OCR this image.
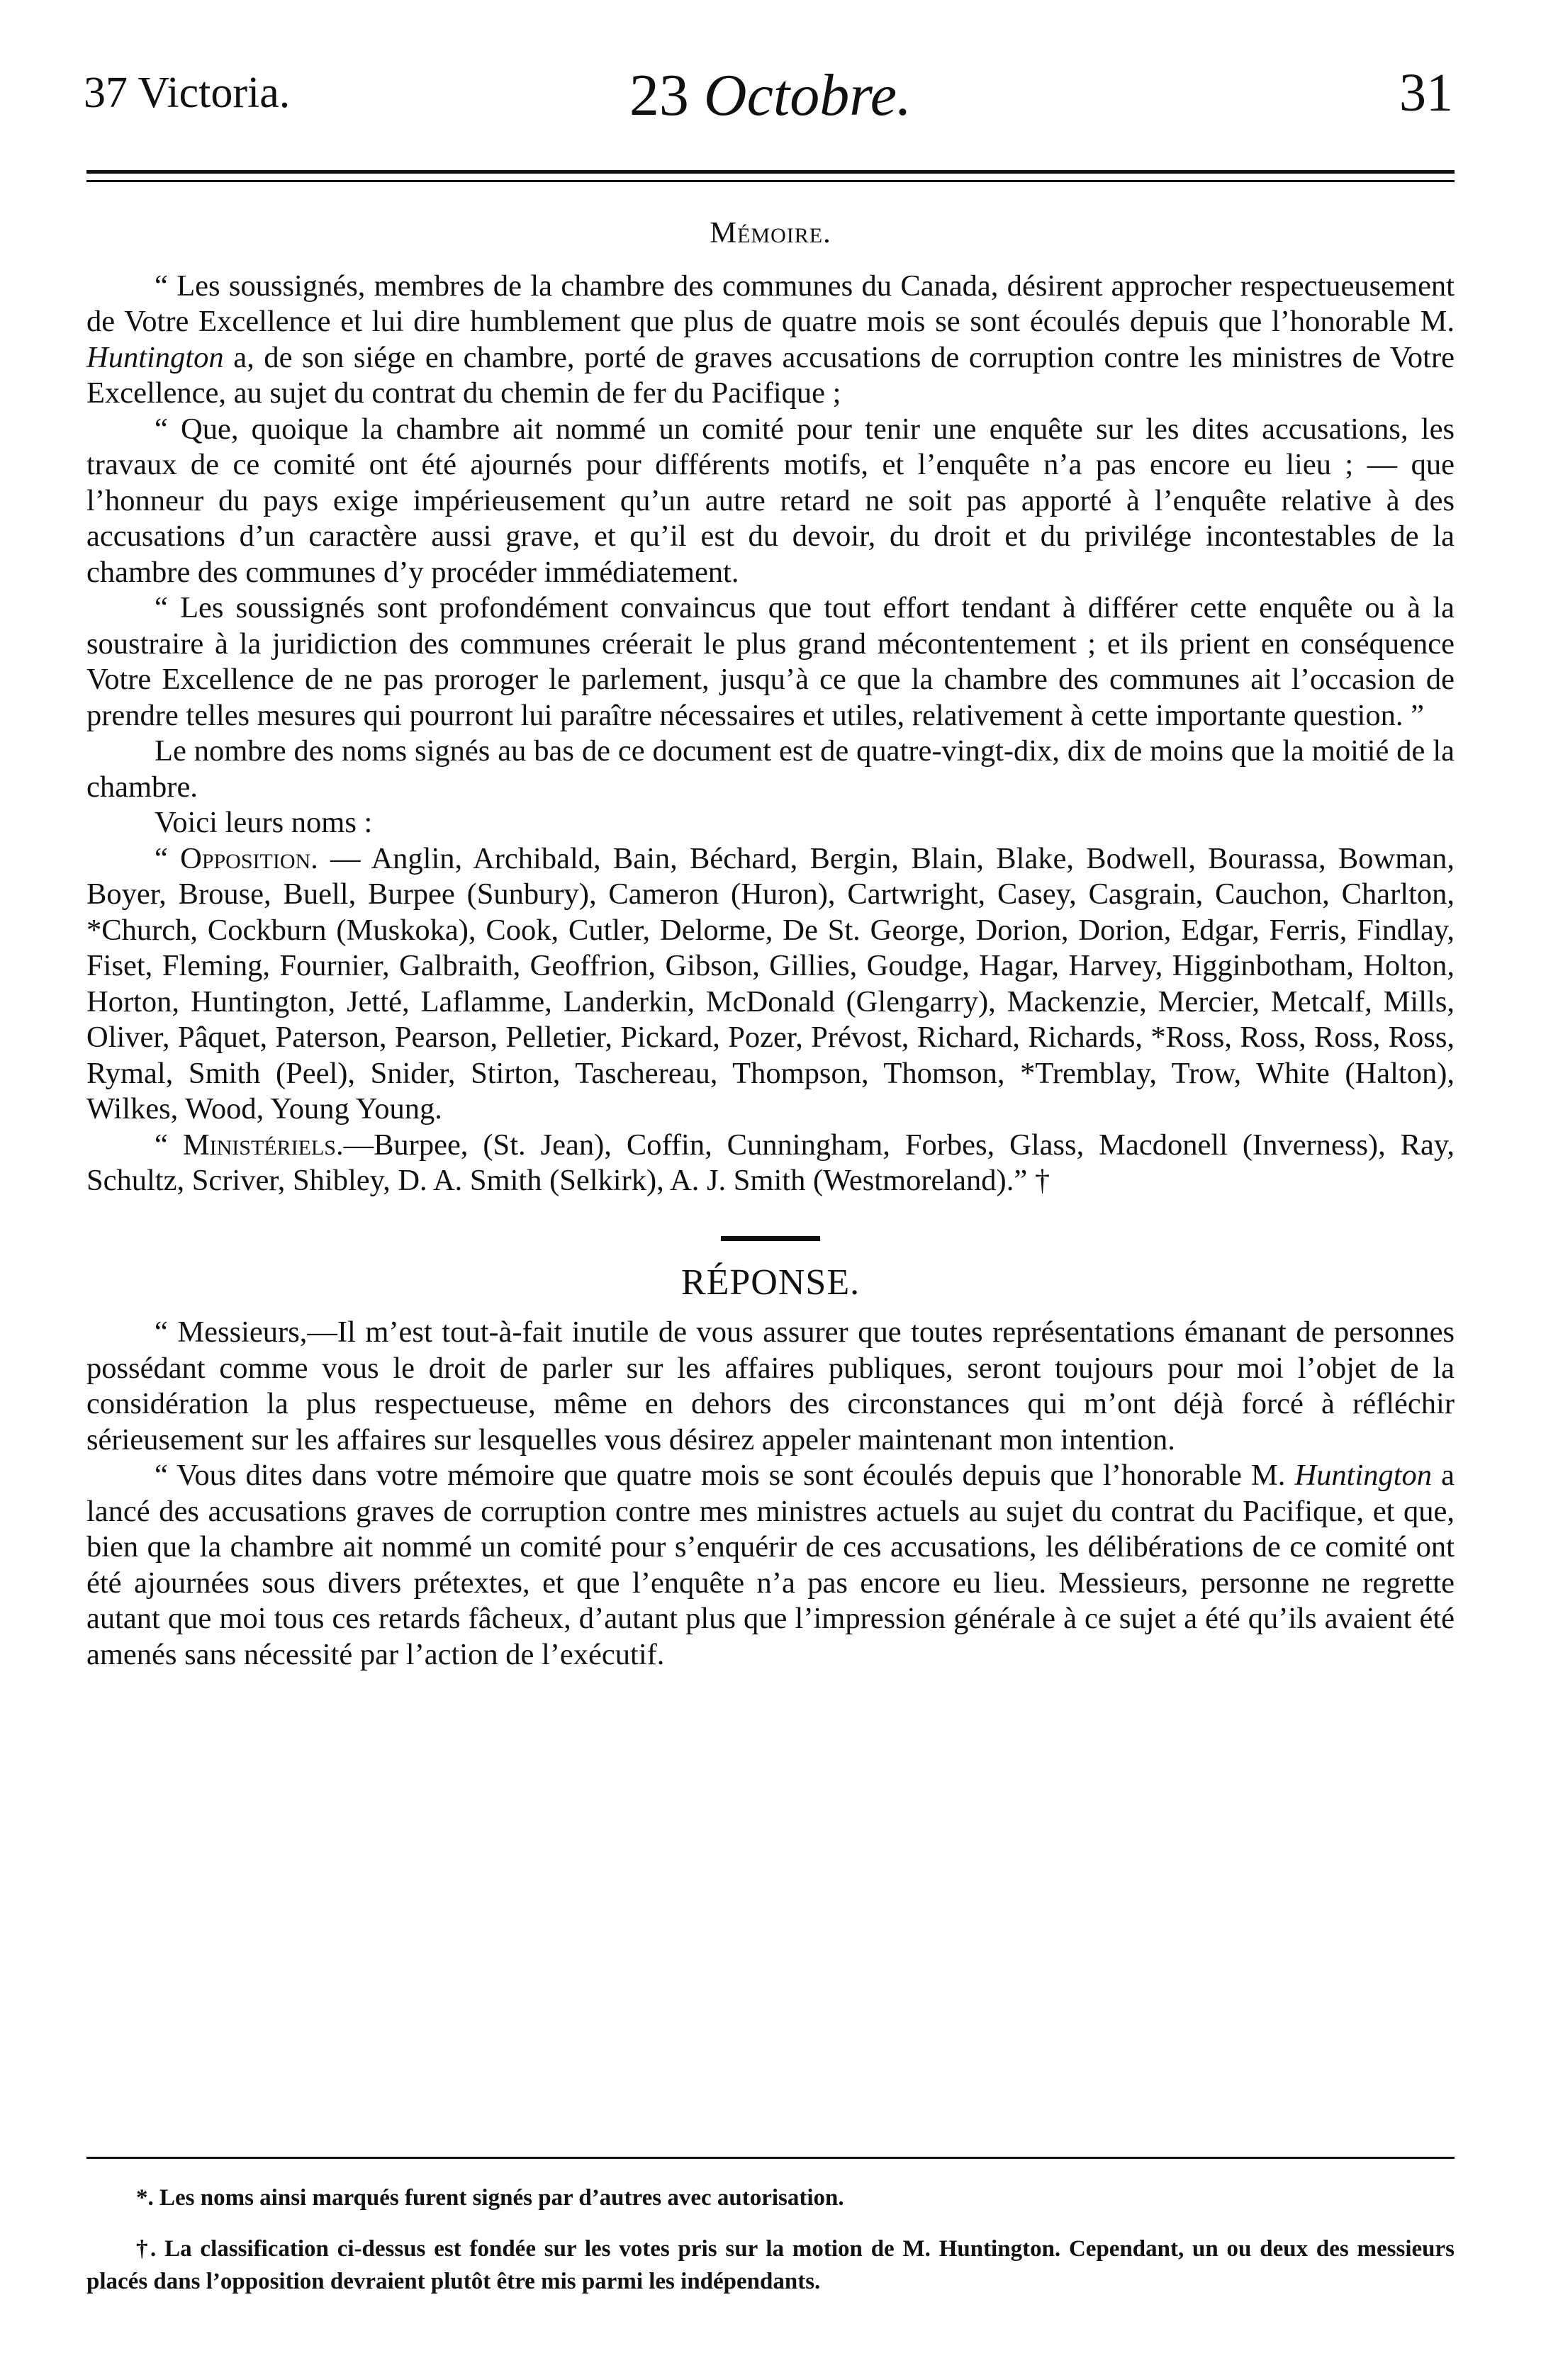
37 Victoria.	23 Octobre.	31

Mémoire.

“ Les soussignés, membres de la chambre des communes du Canada, désirent approcher respectueusement de Votre Excellence et lui dire humblement que plus de quatre mois se sont écoulés depuis que l’honorable M. Huntington a, de son siége en chambre, porté de graves accusations de corruption contre les ministres de Votre Excellence, au sujet du contrat du chemin de fer du Pacifique ;

“ Que, quoique la chambre ait nommé un comité pour tenir une enquête sur les dites accusations, les travaux de ce comité ont été ajournés pour différents motifs, et l’enquête n’a pas encore eu lieu ; — que l’honneur du pays exige impérieusement qu’un autre retard ne soit pas apporté à l’enquête relative à des accusations d’un caractère aussi grave, et qu’il est du devoir, du droit et du privilége incontestables de la chambre des communes d’y procéder immédiatement.

“ Les soussignés sont profondément convaincus que tout effort tendant à différer cette enquête ou à la soustraire à la juridiction des communes créerait le plus grand mécontentement ; et ils prient en conséquence Votre Excellence de ne pas proroger le parlement, jusqu’à ce que la chambre des communes ait l’occasion de prendre telles mesures qui pourront lui paraître nécessaires et utiles, relativement à cette importante question. ”

Le nombre des noms signés au bas de ce document est de quatre-vingt-dix, dix de moins que la moitié de la chambre.

Voici leurs noms :

“ Opposition. — Anglin, Archibald, Bain, Béchard, Bergin, Blain, Blake, Bodwell, Bourassa, Bowman, Boyer, Brouse, Buell, Burpee (Sunbury), Cameron (Huron), Cartwright, Casey, Casgrain, Cauchon, Charlton, *Church, Cockburn (Muskoka), Cook, Cutler, Delorme, De St. George, Dorion, Dorion, Edgar, Ferris, Findlay, Fiset, Fleming, Fournier, Galbraith, Geoffrion, Gibson, Gillies, Goudge, Hagar, Harvey, Higginbotham, Holton, Horton, Huntington, Jetté, Laflamme, Landerkin, McDonald (Glengarry), Mackenzie, Mercier, Metcalf, Mills, Oliver, Pâquet, Paterson, Pearson, Pelletier, Pickard, Pozer, Prévost, Richard, Richards, *Ross, Ross, Ross, Ross, Rymal, Smith (Peel), Snider, Stirton, Taschereau, Thompson, Thomson, *Tremblay, Trow, White (Halton), Wilkes, Wood, Young Young.

“ Ministériels.—Burpee, (St. Jean), Coffin, Cunningham, Forbes, Glass, Macdonell (Inverness), Ray, Schultz, Scriver, Shibley, D. A. Smith (Selkirk), A. J. Smith (Westmoreland).” †

RÉPONSE.

“ Messieurs,—Il m’est tout-à-fait inutile de vous assurer que toutes représentations émanant de personnes possédant comme vous le droit de parler sur les affaires publiques, seront toujours pour moi l’objet de la considération la plus respectueuse, même en dehors des circonstances qui m’ont déjà forcé à réfléchir sérieusement sur les affaires sur lesquelles vous désirez appeler maintenant mon intention.

“ Vous dites dans votre mémoire que quatre mois se sont écoulés depuis que l’honorable M. Huntington a lancé des accusations graves de corruption contre mes ministres actuels au sujet du contrat du Pacifique, et que, bien que la chambre ait nommé un comité pour s’enquérir de ces accusations, les délibérations de ce comité ont été ajournées sous divers prétextes, et que l’enquête n’a pas encore eu lieu. Messieurs, personne ne regrette autant que moi tous ces retards fâcheux, d’autant plus que l’impression générale à ce sujet a été qu’ils avaient été amenés sans nécessité par l’action de l’exécutif.

*. Les noms ainsi marqués furent signés par d’autres avec autorisation.

†. La classification ci-dessus est fondée sur les votes pris sur la motion de M. Huntington. Cependant, un ou deux des messieurs placés dans l’opposition devraient plutôt être mis parmi les indépendants.
